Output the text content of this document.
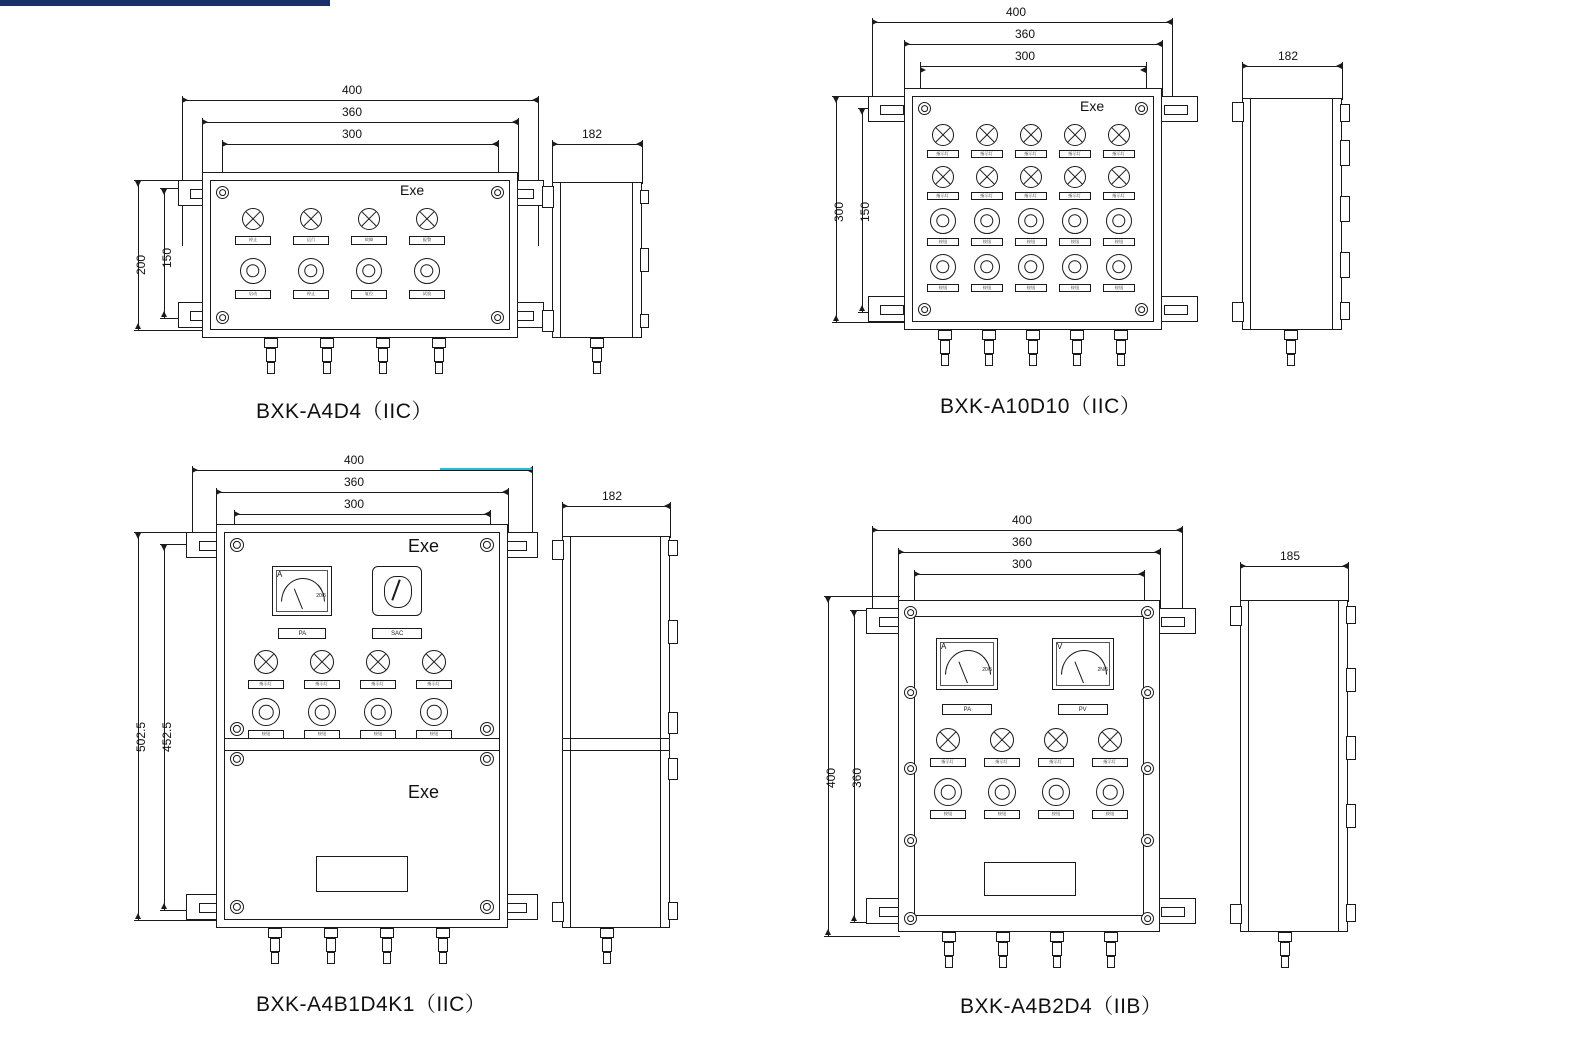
400
360
300
200 150
Exe
停止	运行	故障	报警
启动	停止	复位	试验
182
BXK-A4D4（IIC）
400
360
300
300 150
Exe
指示灯	指示灯	指示灯	指示灯	指示灯
指示灯	指示灯	指示灯	指示灯	指示灯
按钮	按钮	按钮	按钮	按钮
按钮	按钮	按钮	按钮	按钮
182
BXK-A10D10（IIC）
400
360
300
502.5 452.5
Exe
Exe
A
20/5
PA	SAC
指示灯	指示灯	指示灯	指示灯
按钮	按钮	按钮	按钮
182
BXK-A4B1D4K1（IIC）
400
360
300
400 360
A
20/5
V
2N/5
PA	PV
指示灯	指示灯	指示灯	指示灯
按钮	按钮	按钮	按钮
185
BXK-A4B2D4（IIB）
